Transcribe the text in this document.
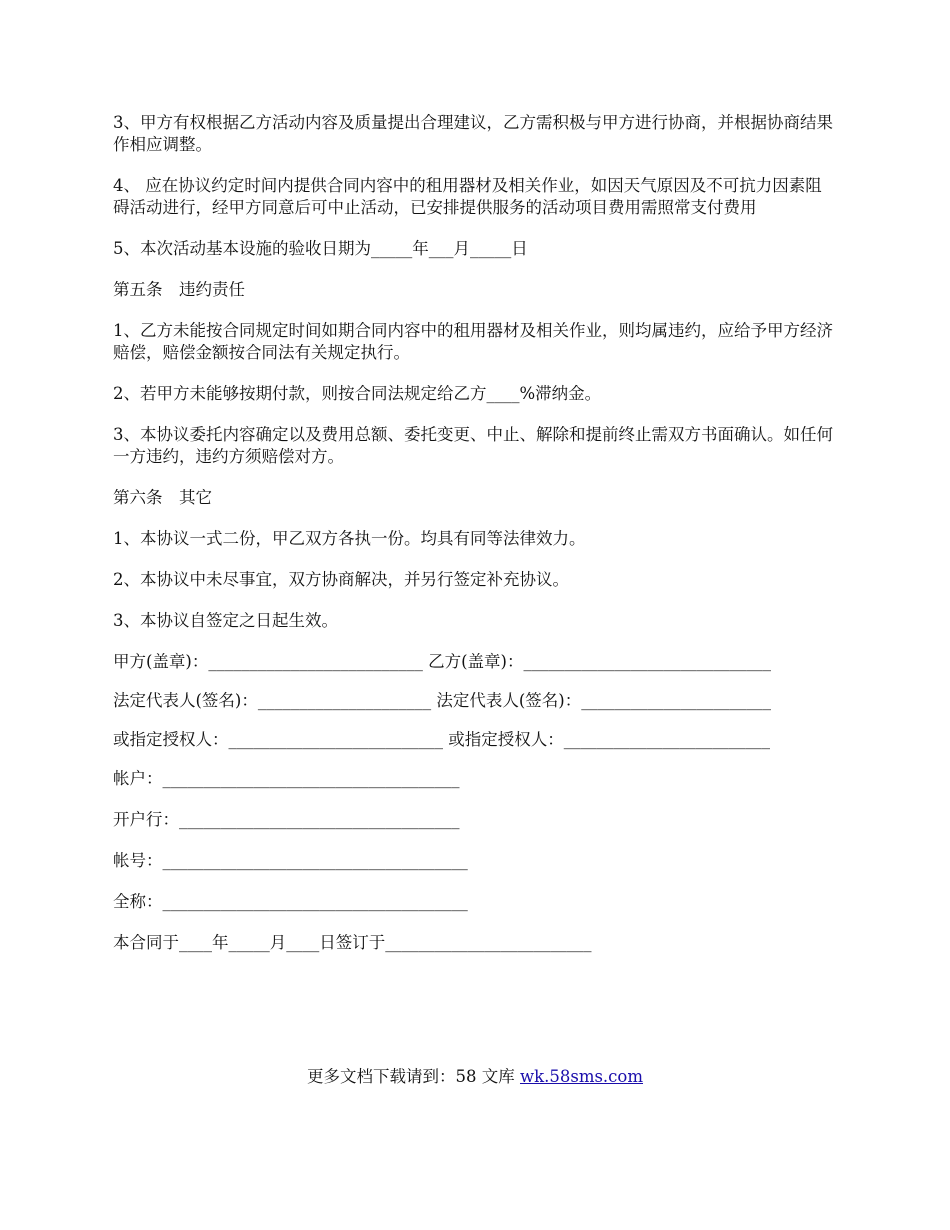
3、甲方有权根据乙方活动内容及质量提出合理建议，乙方需积极与甲方进行协商，并根据协商结果作相应调整。

4、 应在协议约定时间内提供合同内容中的租用器材及相关作业，如因天气原因及不可抗力因素阻碍活动进行，经甲方同意后可中止活动，已安排提供服务的活动项目费用需照常支付费用

5、本次活动基本设施的验收日期为_____年___月_____日

第五条　违约责任

1、乙方未能按合同规定时间如期合同内容中的租用器材及相关作业，则均属违约，应给予甲方经济赔偿，赔偿金额按合同法有关规定执行。

2、若甲方未能够按期付款，则按合同法规定给乙方____%滞纳金。

3、本协议委托内容确定以及费用总额、委托变更、中止、解除和提前终止需双方书面确认。如任何一方违约，违约方须赔偿对方。

第六条　其它

1、本协议一式二份，甲乙双方各执一份。均具有同等法律效力。

2、本协议中未尽事宜，双方协商解决，并另行签定补充协议。

3、本协议自签定之日起生效。

甲方(盖章)：__________________________ 乙方(盖章)：______________________________

法定代表人(签名)：_____________________ 法定代表人(签名)：_______________________

或指定授权人：__________________________ 或指定授权人：_________________________

帐户：____________________________________

开户行：__________________________________

帐号：_____________________________________

全称：_____________________________________

本合同于____年_____月____日签订于_________________________

更多文档下载请到：58 文库 wk.58sms.com
